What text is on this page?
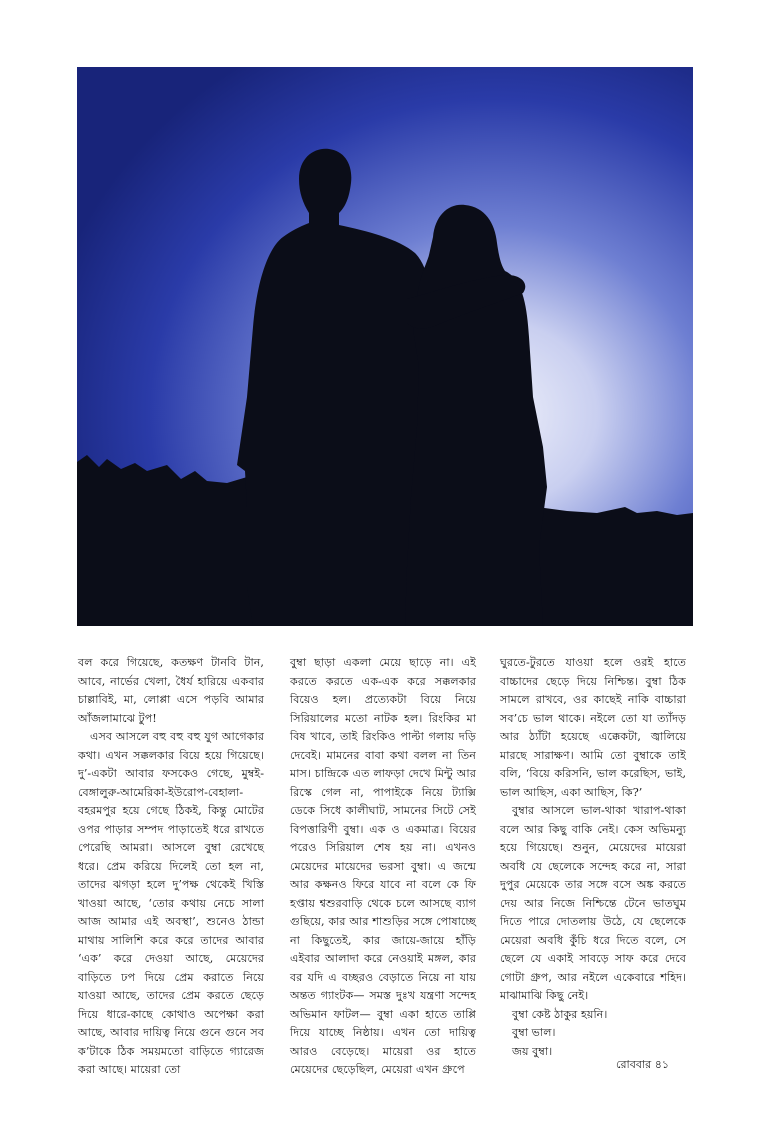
বল করে গিয়েছে, কতক্ষণ টানবি টান, আবে, নার্ভের খেলা, ধৈর্য হারিয়ে একবার চাল্লাবিই, মা, লোপ্পা এসে পড়বি আমার আঁজলামাঝে টুপ!

এসব আসলে বহু বহু বহু যুগ আগেকার কথা। এখন সক্কলকার বিয়ে হয়ে গিয়েছে। দু’-একটা আবার ফসকেও গেছে, মুম্বই-বেঙ্গালুরু-আমেরিকা-ইউরোপ-বেহালা-বহরমপুর হয়ে গেছে ঠিকই, কিন্তু মোটের ওপর পাড়ার সম্পদ পাড়াতেই ধরে রাখতে পেরেছি আমরা। আসলে বুম্বা রেখেছে ধরে। প্রেম করিয়ে দিলেই তো হল না, তাদের ঝগড়া হলে দু’পক্ষ থেকেই খিস্তি খাওয়া আছে, ‘তোর কথায় নেচে সালা আজ আমার এই অবস্থা’, শুনেও ঠান্ডা মাথায় সালিশি করে করে তাদের আবার ‘এক’ করে দেওয়া আছে, মেয়েদের বাড়িতে ঢপ দিয়ে প্রেম করাতে নিয়ে যাওয়া আছে, তাদের প্রেম করতে ছেড়ে দিয়ে ধারে-কাছে কোথাও অপেক্ষা করা আছে, আবার দায়িত্ব নিয়ে গুনে গুনে সব ক’টাকে ঠিক সময়মতো বাড়িতে গ্যারেজ করা আছে। মায়েরা তো

বুম্বা ছাড়া একলা মেয়ে ছাড়ে না। এই করতে করতে এক-এক করে সক্কলকার বিয়েও হল। প্রত্যেকটা বিয়ে নিয়ে সিরিয়ালের মতো নাটক হল। রিংকির মা বিষ খাবে, তাই রিংকিও পাল্টা গলায় দড়ি দেবেই। মামনের বাবা কথা বলল না তিন মাস। চান্দ্রিকে এত লাফড়া দেখে মিন্টু আর রিস্কে গেল না, পাপাইকে নিয়ে ট্যাক্সি ডেকে সিধে কালীঘাট, সামনের সিটে সেই বিপত্তারিণী বুম্বা। এক ও একমাত্র। বিয়ের পরেও সিরিয়াল শেষ হয় না। এখনও মেয়েদের মায়েদের ভরসা বুম্বা। এ জন্মে আর কক্ষনও ফিরে যাবে না বলে কে ফি হপ্তায় শ্বশুরবাড়ি থেকে চলে আসছে ব্যাগ গুছিয়ে, কার আর শাশুড়ির সঙ্গে পোষাচ্ছে না কিছুতেই, কার জায়ে-জায়ে হাঁড়ি এইবার আলাদা করে নেওয়াই মঙ্গল, কার বর যদি এ বচ্ছরও বেড়াতে নিয়ে না যায় অন্তত গ্যাংটক— সমস্ত দুঃখ যন্ত্রণা সন্দেহ অভিমান ফাটল— বুম্বা একা হাতে তাপ্পি দিয়ে যাচ্ছে নিষ্ঠায়। এখন তো দায়িত্ব আরও বেড়েছে। মায়েরা ওর হাতে মেয়েদের ছেড়েছিল, মেয়েরা এখন গ্রুপে

ঘুরতে-টুরতে যাওয়া হলে ওরই হাতে বাচ্চাদের ছেড়ে দিয়ে নিশ্চিন্ত। বুম্বা ঠিক সামলে রাখবে, ওর কাছেই নাকি বাচ্চারা সব’চে ভাল থাকে। নইলে তো যা ত্যাঁদড় আর ঠ্যাঁটা হয়েছে এক্কেকটা, জ্বালিয়ে মারছে সারাক্ষণ। আমি তো বুম্বাকে তাই বলি, ‘বিয়ে করিসনি, ভাল করেছিস, ভাই, ভাল আছিস, একা আছিস, কি?’

বুম্বার আসলে ভাল-থাকা খারাপ-থাকা বলে আর কিছু বাকি নেই। কেস অভিমন্যু হয়ে গিয়েছে। শুনুন, মেয়েদের মায়েরা অবধি যে ছেলেকে সন্দেহ করে না, সারা দুপুর মেয়েকে তার সঙ্গে বসে অঙ্ক করতে দেয় আর নিজে নিশ্চিন্তে টেনে ভাতঘুম দিতে পারে দোতলায় উঠে, যে ছেলেকে মেয়েরা অবধি কুঁচি ধরে দিতে বলে, সে ছেলে যে একাই সাবড়ে সাফ করে দেবে গোটা গ্রুপ, আর নইলে একেবারে শহিদ। মাঝামাঝি কিছু নেই।

বুম্বা কেষ্ট ঠাকুর হয়নি।

বুম্বা ভাল।

জয় বুম্বা।

রোববার ৪১
